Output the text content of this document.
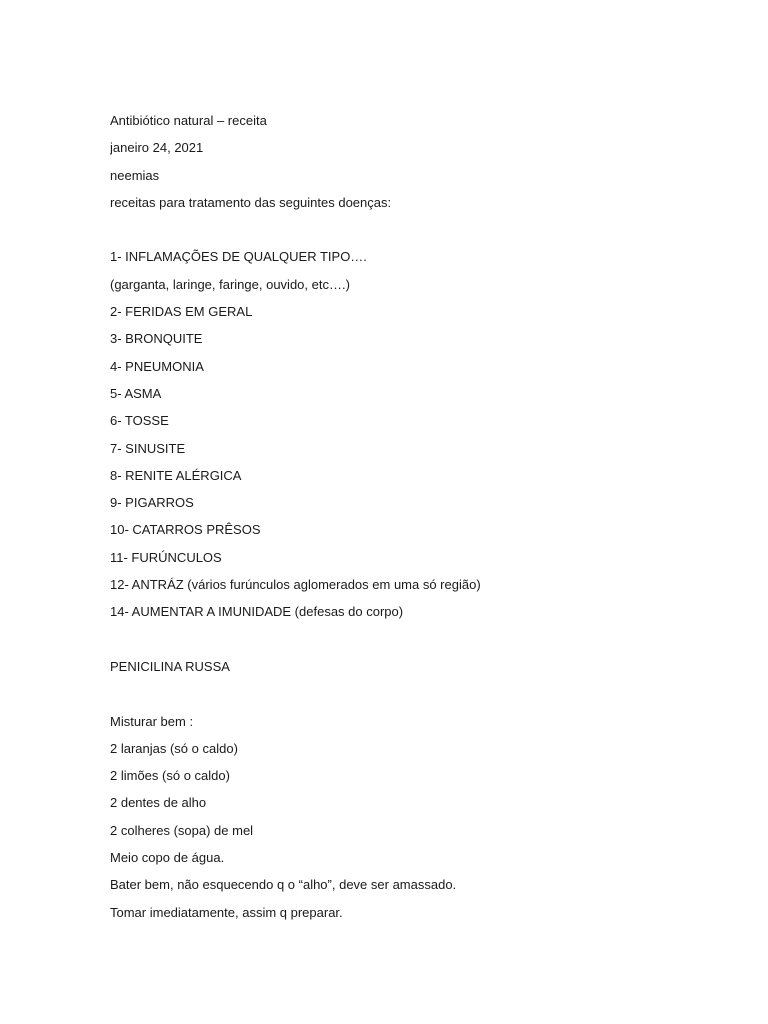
Antibiótico natural – receita
janeiro 24, 2021
neemias
receitas para tratamento das seguintes doenças:
1- INFLAMAÇÕES DE QUALQUER TIPO….
(garganta, laringe, faringe, ouvido, etc….)
2- FERIDAS EM GERAL
3- BRONQUITE
4- PNEUMONIA
5- ASMA
6- TOSSE
7- SINUSITE
8- RENITE ALÉRGICA
9- PIGARROS
10- CATARROS PRÊSOS
11- FURÚNCULOS
12- ANTRÁZ (vários furúnculos aglomerados em uma só região)
14- AUMENTAR A IMUNIDADE (defesas do corpo)
PENICILINA RUSSA
Misturar bem :
2 laranjas (só o caldo)
2 limões (só o caldo)
2 dentes de alho
2 colheres (sopa) de mel
Meio copo de água.
Bater bem, não esquecendo q o “alho”, deve ser amassado.
Tomar imediatamente, assim q preparar.
